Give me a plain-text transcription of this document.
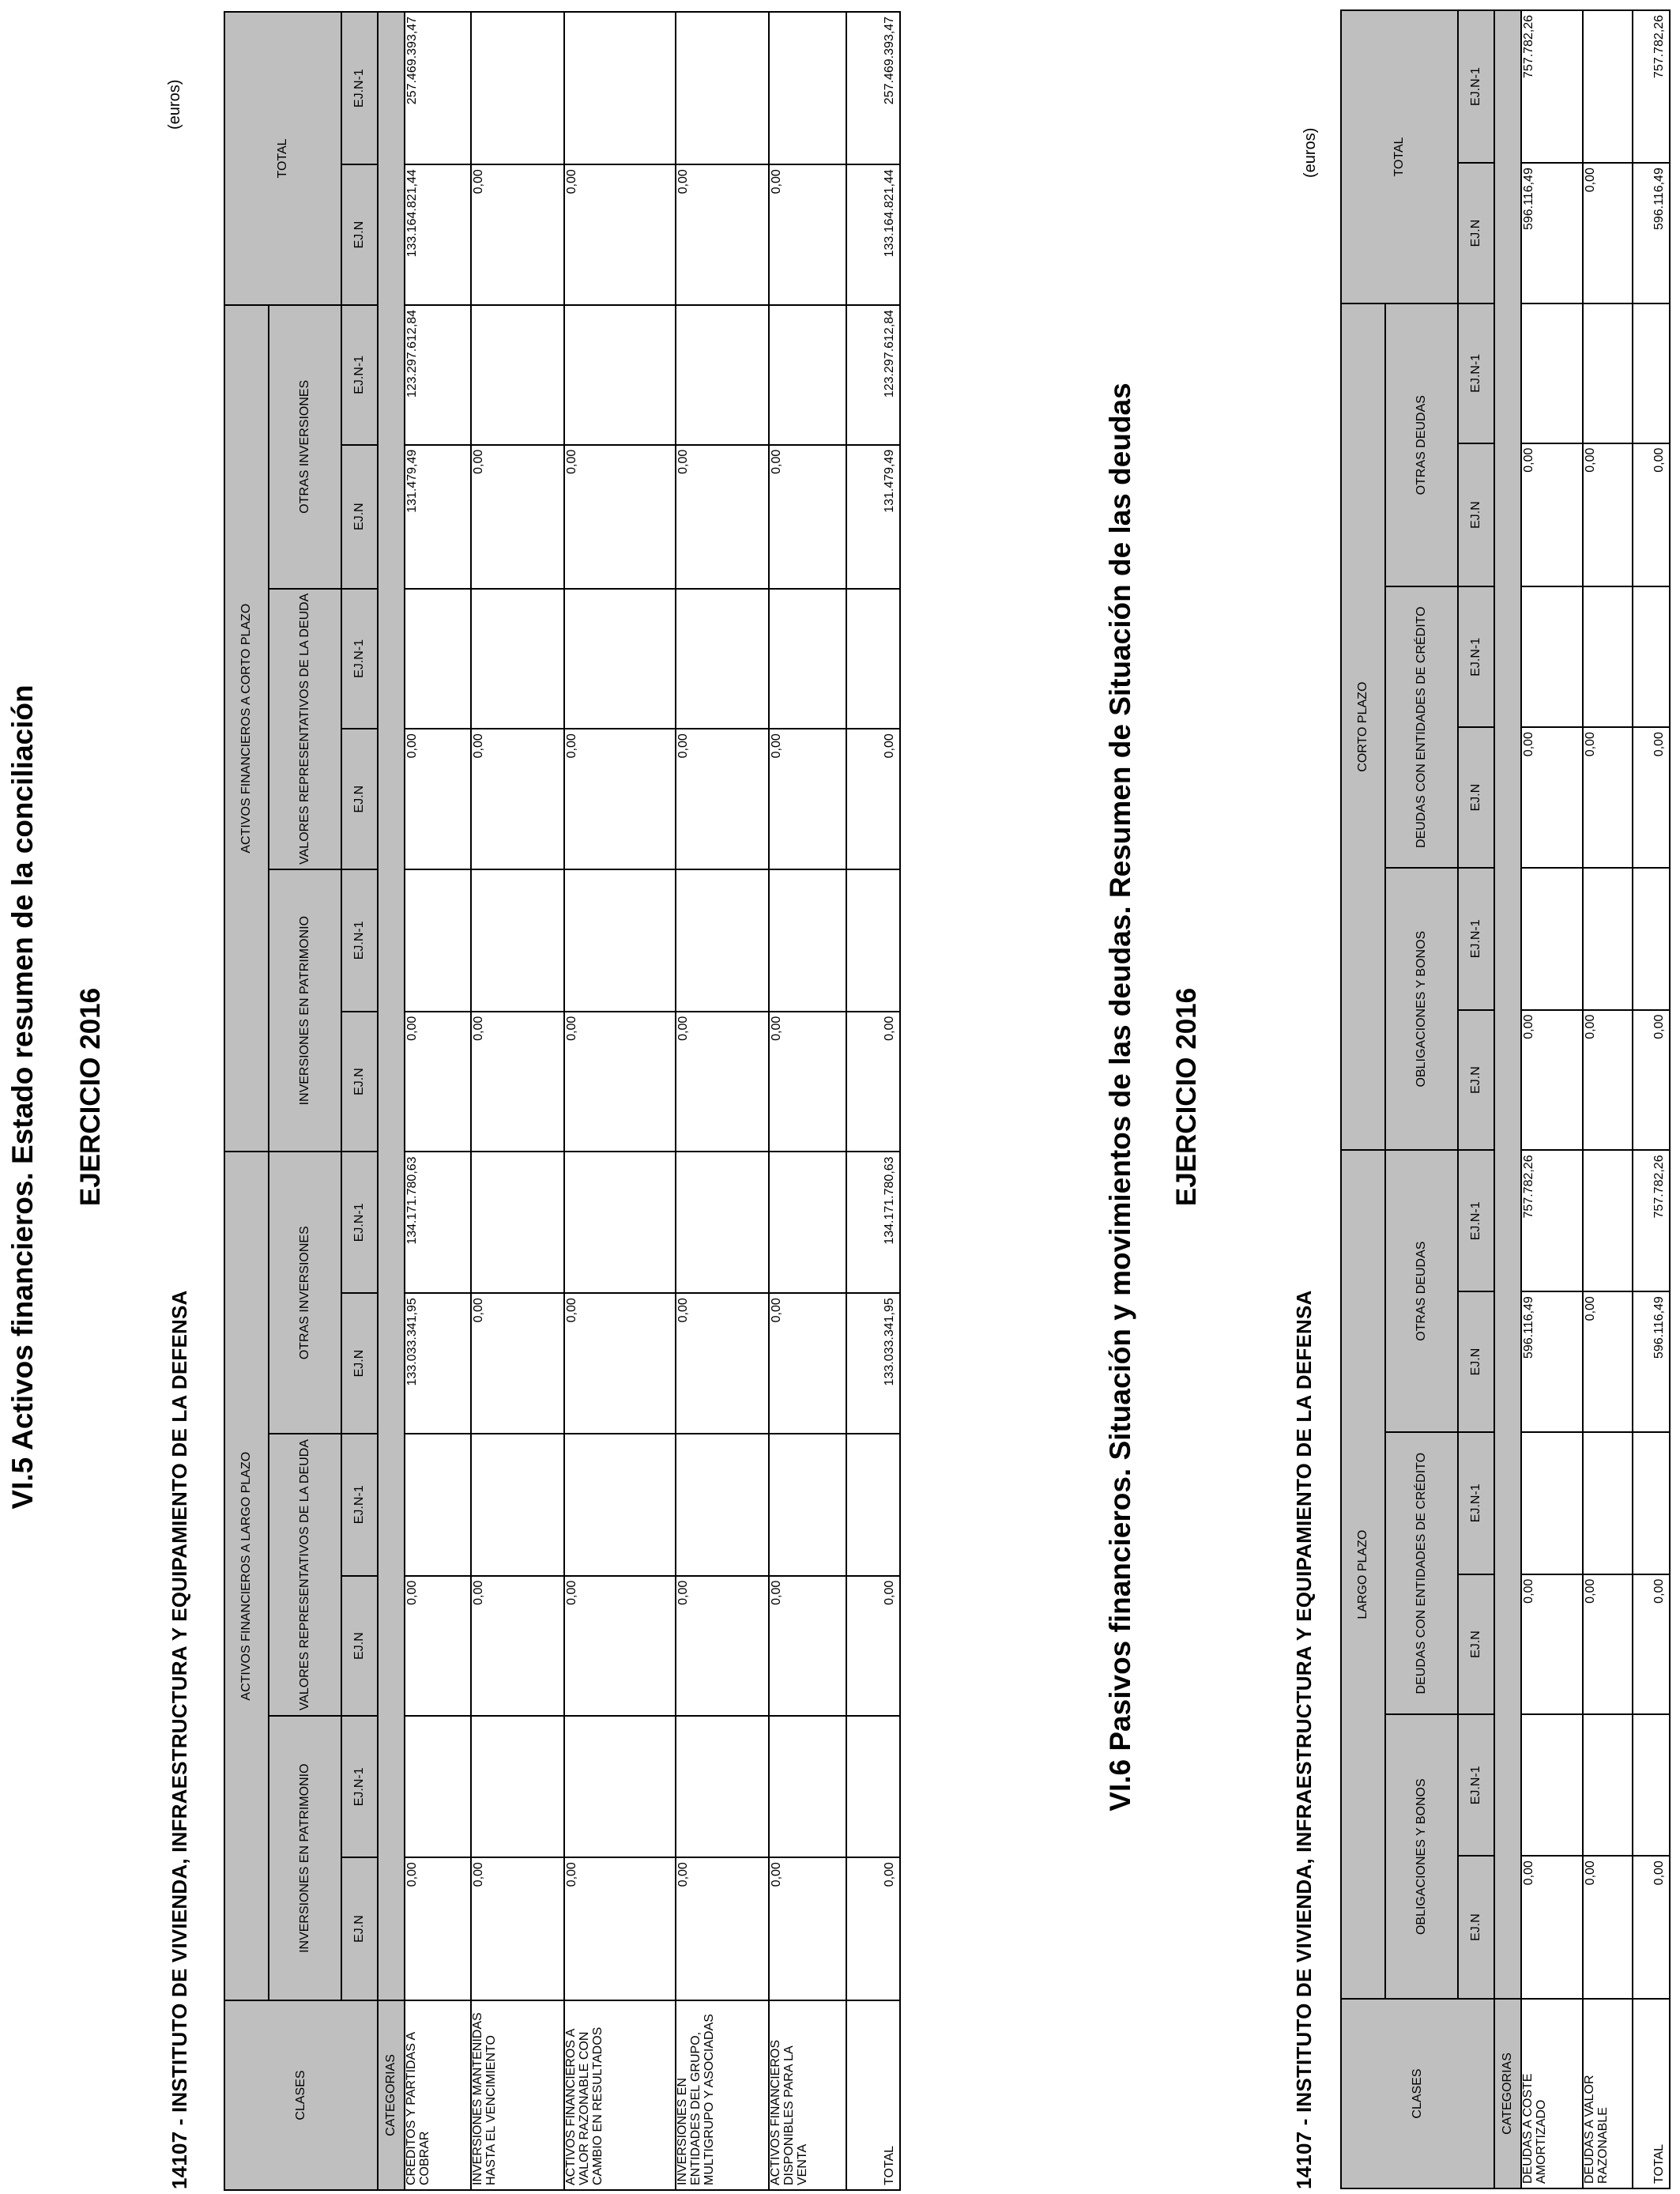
VI.5 Activos financieros. Estado resumen de la conciliación EJERCICIO 2016
14107 - INSTITUTO DE VIVIENDA, INFRAESTRUCTURA Y EQUIPAMIENTO DE LA DEFENSA
(euros)
CLASES	ACTIVOS FINANCIEROS A LARGO PLAZO						ACTIVOS FINANCIEROS A CORTO PLAZO						TOTAL	
	INVERSIONES EN PATRIMONIO		VALORES REPRESENTATIVOS DE LA DEUDA		OTRAS INVERSIONES		INVERSIONES EN PATRIMONIO		VALORES REPRESENTATIVOS DE LA DEUDA		OTRAS INVERSIONES			
	EJ.N	EJ.N-1	EJ.N	EJ.N-1	EJ.N	EJ.N-1	EJ.N	EJ.N-1	EJ.N	EJ.N-1	EJ.N	EJ.N-1	EJ.N	EJ.N-1
CATEGORIAS														
CRÉDITOS Y PARTIDAS A COBRAR	0,00		0,00		133.033.341,95	134.171.780,63	0,00		0,00		131.479,49	123.297.612,84	133.164.821,44	257.469.393,47
INVERSIONES MANTENIDAS HASTA EL VENCIMIENTO	0,00		0,00		0,00		0,00		0,00		0,00		0,00	
ACTIVOS FINANCIEROS A VALOR RAZONABLE CON CAMBIO EN RESULTADOS	0,00		0,00		0,00		0,00		0,00		0,00		0,00	
INVERSIONES EN ENTIDADES DEL GRUPO, MULTIGRUPO Y ASOCIADAS	0,00		0,00		0,00		0,00		0,00		0,00		0,00	
ACTIVOS FINANCIEROS DISPONIBLES PARA LA VENTA	0,00		0,00		0,00		0,00		0,00		0,00		0,00	
TOTAL	0,00		0,00		133.033.341,95	134.171.780,63	0,00		0,00		131.479,49	123.297.612,84	133.164.821,44	257.469.393,47
VI.6 Pasivos financieros. Situación y movimientos de las deudas. Resumen de Situación de las deudas EJERCICIO 2016
14107 - INSTITUTO DE VIVIENDA, INFRAESTRUCTURA Y EQUIPAMIENTO DE LA DEFENSA
(euros)
CLASES	LARGO PLAZO						CORTO PLAZO						TOTAL	
	OBLIGACIONES Y BONOS		DEUDAS CON ENTIDADES DE CRÉDITO		OTRAS DEUDAS		OBLIGACIONES Y BONOS		DEUDAS CON ENTIDADES DE CRÉDITO		OTRAS DEUDAS			
	EJ.N	EJ.N-1	EJ.N	EJ.N-1	EJ.N	EJ.N-1	EJ.N	EJ.N-1	EJ.N	EJ.N-1	EJ.N	EJ.N-1	EJ.N	EJ.N-1
CATEGORIAS														
DEUDAS A COSTE AMORTIZADO	0,00		0,00		596.116,49	757.782,26	0,00		0,00		0,00		596.116,49	757.782,26
DEUDAS A VALOR RAZONABLE	0,00		0,00		0,00		0,00		0,00		0,00		0,00	
TOTAL	0,00		0,00		596.116,49	757.782,26	0,00		0,00		0,00		596.116,49	757.782,26
